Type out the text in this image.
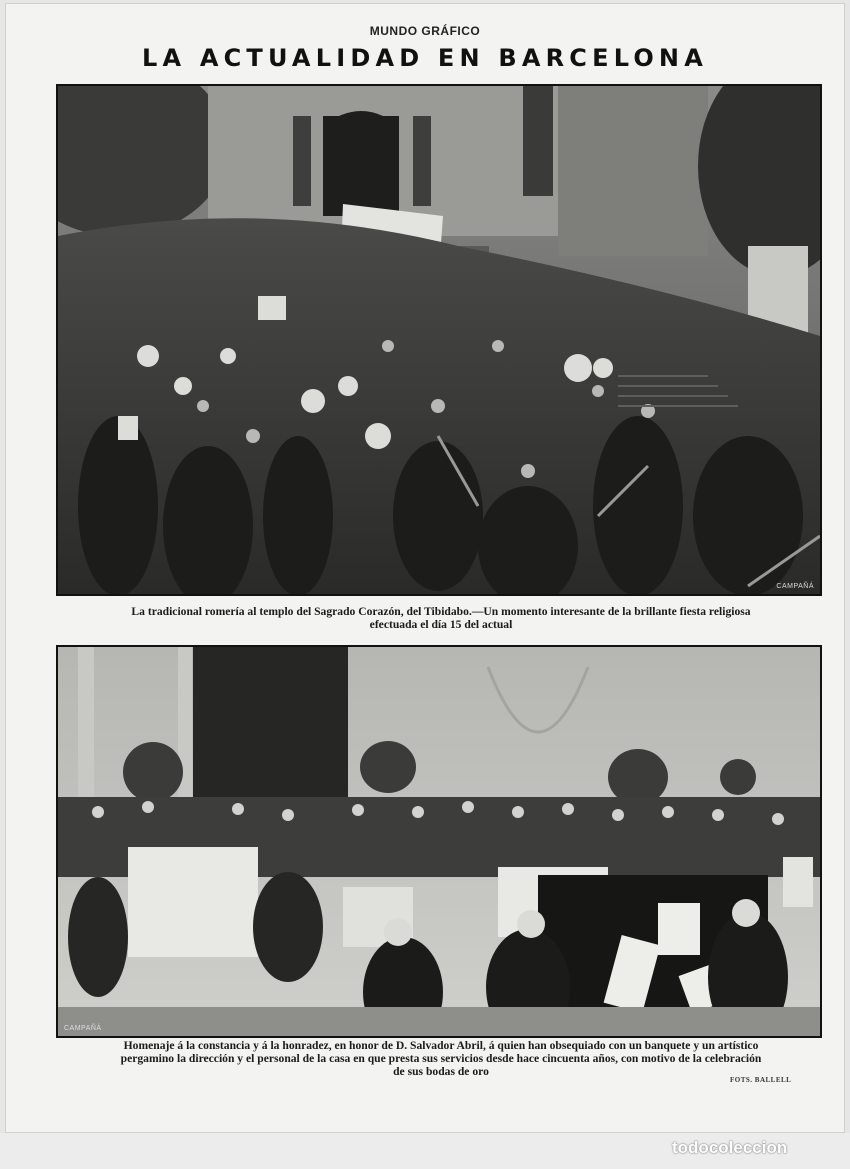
MUNDO GRÁFICO
LA ACTUALIDAD EN BARCELONA
CAMPAÑÁ
La tradicional romería al templo del Sagrado Corazón, del Tibidabo.—Un momento interesante de la brillante fiesta religiosa
efectuada el día 15 del actual
CAMPAÑÁ
Homenaje á la constancia y á la honradez, en honor de D. Salvador Abril, á quien han obsequiado con un banquete y un artístico
pergamino la dirección y el personal de la casa en que presta sus servicios desde hace cincuenta años, con motivo de la celebración
de sus bodas de oro
FOTS. BALLELL
todocoleccion
